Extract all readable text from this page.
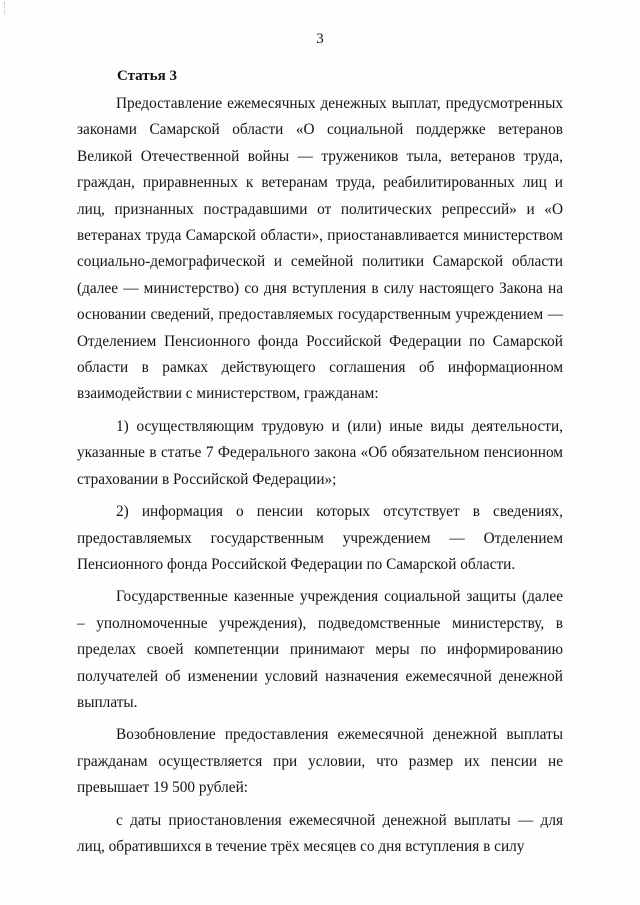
3
Статья 3

Предоставление ежемесячных денежных выплат, предусмотренных законами Самарской области «О социальной поддержке ветеранов Великой Отечественной войны — тружеников тыла, ветеранов труда, граждан, приравненных к ветеранам труда, реабилитированных лиц и лиц, признанных пострадавшими от политических репрессий» и «О ветеранах труда Самарской области», приостанавливается министерством социально-демографической и семейной политики Самарской области (далее — министерство) со дня вступления в силу настоящего Закона на основании сведений, предоставляемых государственным учреждением — Отделением Пенсионного фонда Российской Федерации по Самарской области в рамках действующего соглашения об информационном взаимодействии с министерством, гражданам:

1) осуществляющим трудовую и (или) иные виды деятельности, указанные в статье 7 Федерального закона «Об обязательном пенсионном страховании в Российской Федерации»;

2) информация о пенсии которых отсутствует в сведениях, предоставляемых государственным учреждением — Отделением Пенсионного фонда Российской Федерации по Самарской области.

Государственные казенные учреждения социальной защиты (далее – уполномоченные учреждения), подведомственные министерству, в пределах своей компетенции принимают меры по информированию получателей об изменении условий назначения ежемесячной денежной выплаты.

Возобновление предоставления ежемесячной денежной выплаты гражданам осуществляется при условии, что размер их пенсии не превышает 19 500 рублей:

с даты приостановления ежемесячной денежной выплаты — для лиц, обратившихся в течение трёх месяцев со дня вступления в силу
